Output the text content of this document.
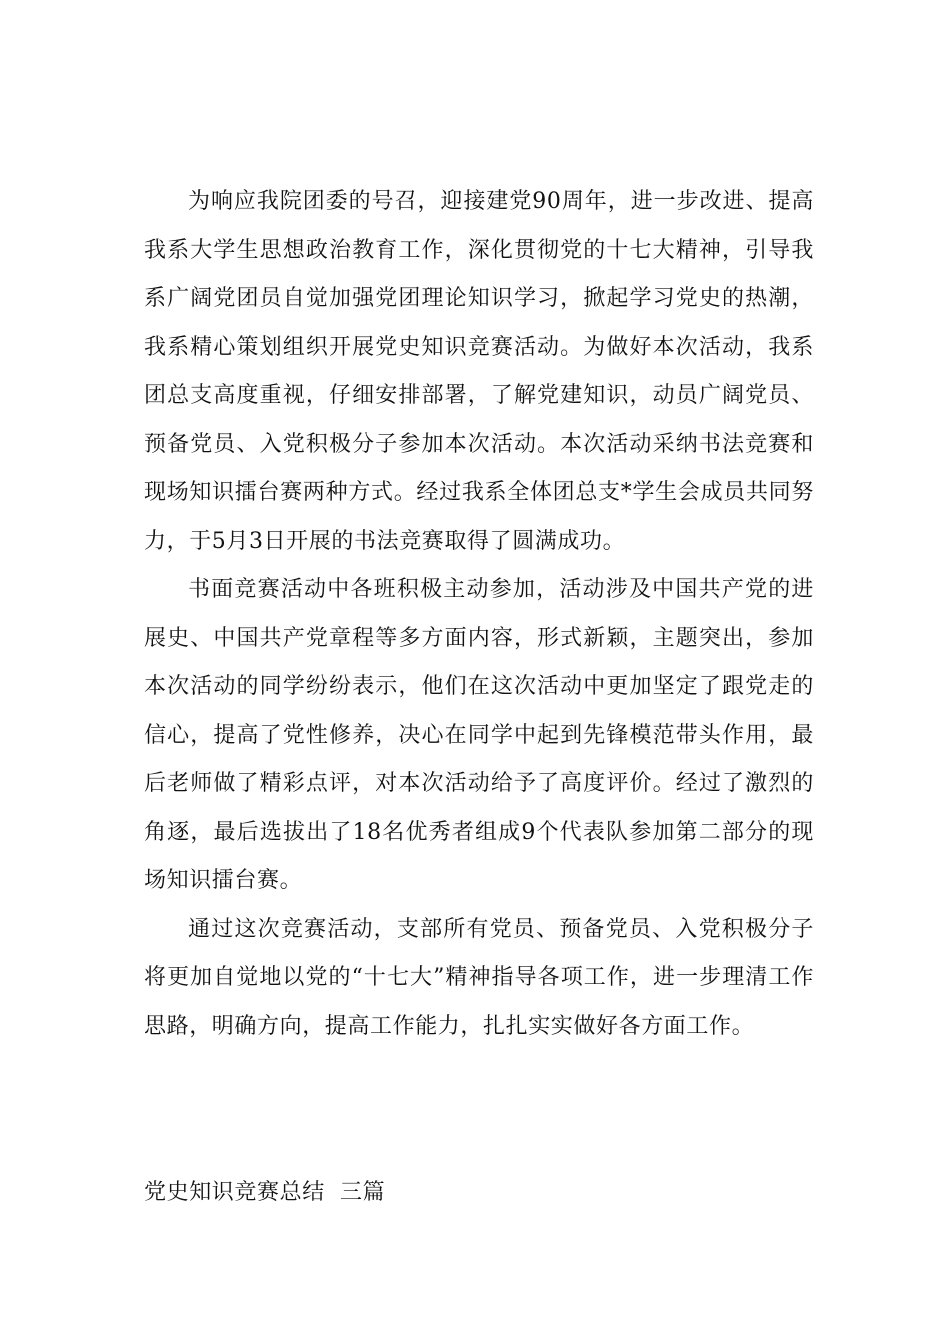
为响应我院团委的号召，迎接建党90周年，进一步改进、提高我系大学生思想政治教育工作，深化贯彻党的十七大精神，引导我系广阔党团员自觉加强党团理论知识学习，掀起学习党史的热潮，我系精心策划组织开展党史知识竞赛活动。为做好本次活动，我系团总支高度重视，仔细安排部署，了解党建知识，动员广阔党员、预备党员、入党积极分子参加本次活动。本次活动采纳书法竞赛和现场知识擂台赛两种方式。经过我系全体团总支*学生会成员共同努力，于5月3日开展的书法竞赛取得了圆满成功。

书面竞赛活动中各班积极主动参加，活动涉及中国共产党的进展史、中国共产党章程等多方面内容，形式新颖，主题突出，参加本次活动的同学纷纷表示，他们在这次活动中更加坚定了跟党走的信心，提高了党性修养，决心在同学中起到先锋模范带头作用，最后老师做了精彩点评，对本次活动给予了高度评价。经过了激烈的角逐，最后选拔出了18名优秀者组成9个代表队参加第二部分的现场知识擂台赛。

通过这次竞赛活动，支部所有党员、预备党员、入党积极分子将更加自觉地以党的“十七大”精神指导各项工作，进一步理清工作思路，明确方向，提高工作能力，扎扎实实做好各方面工作。

党史知识竞赛总结  三篇
